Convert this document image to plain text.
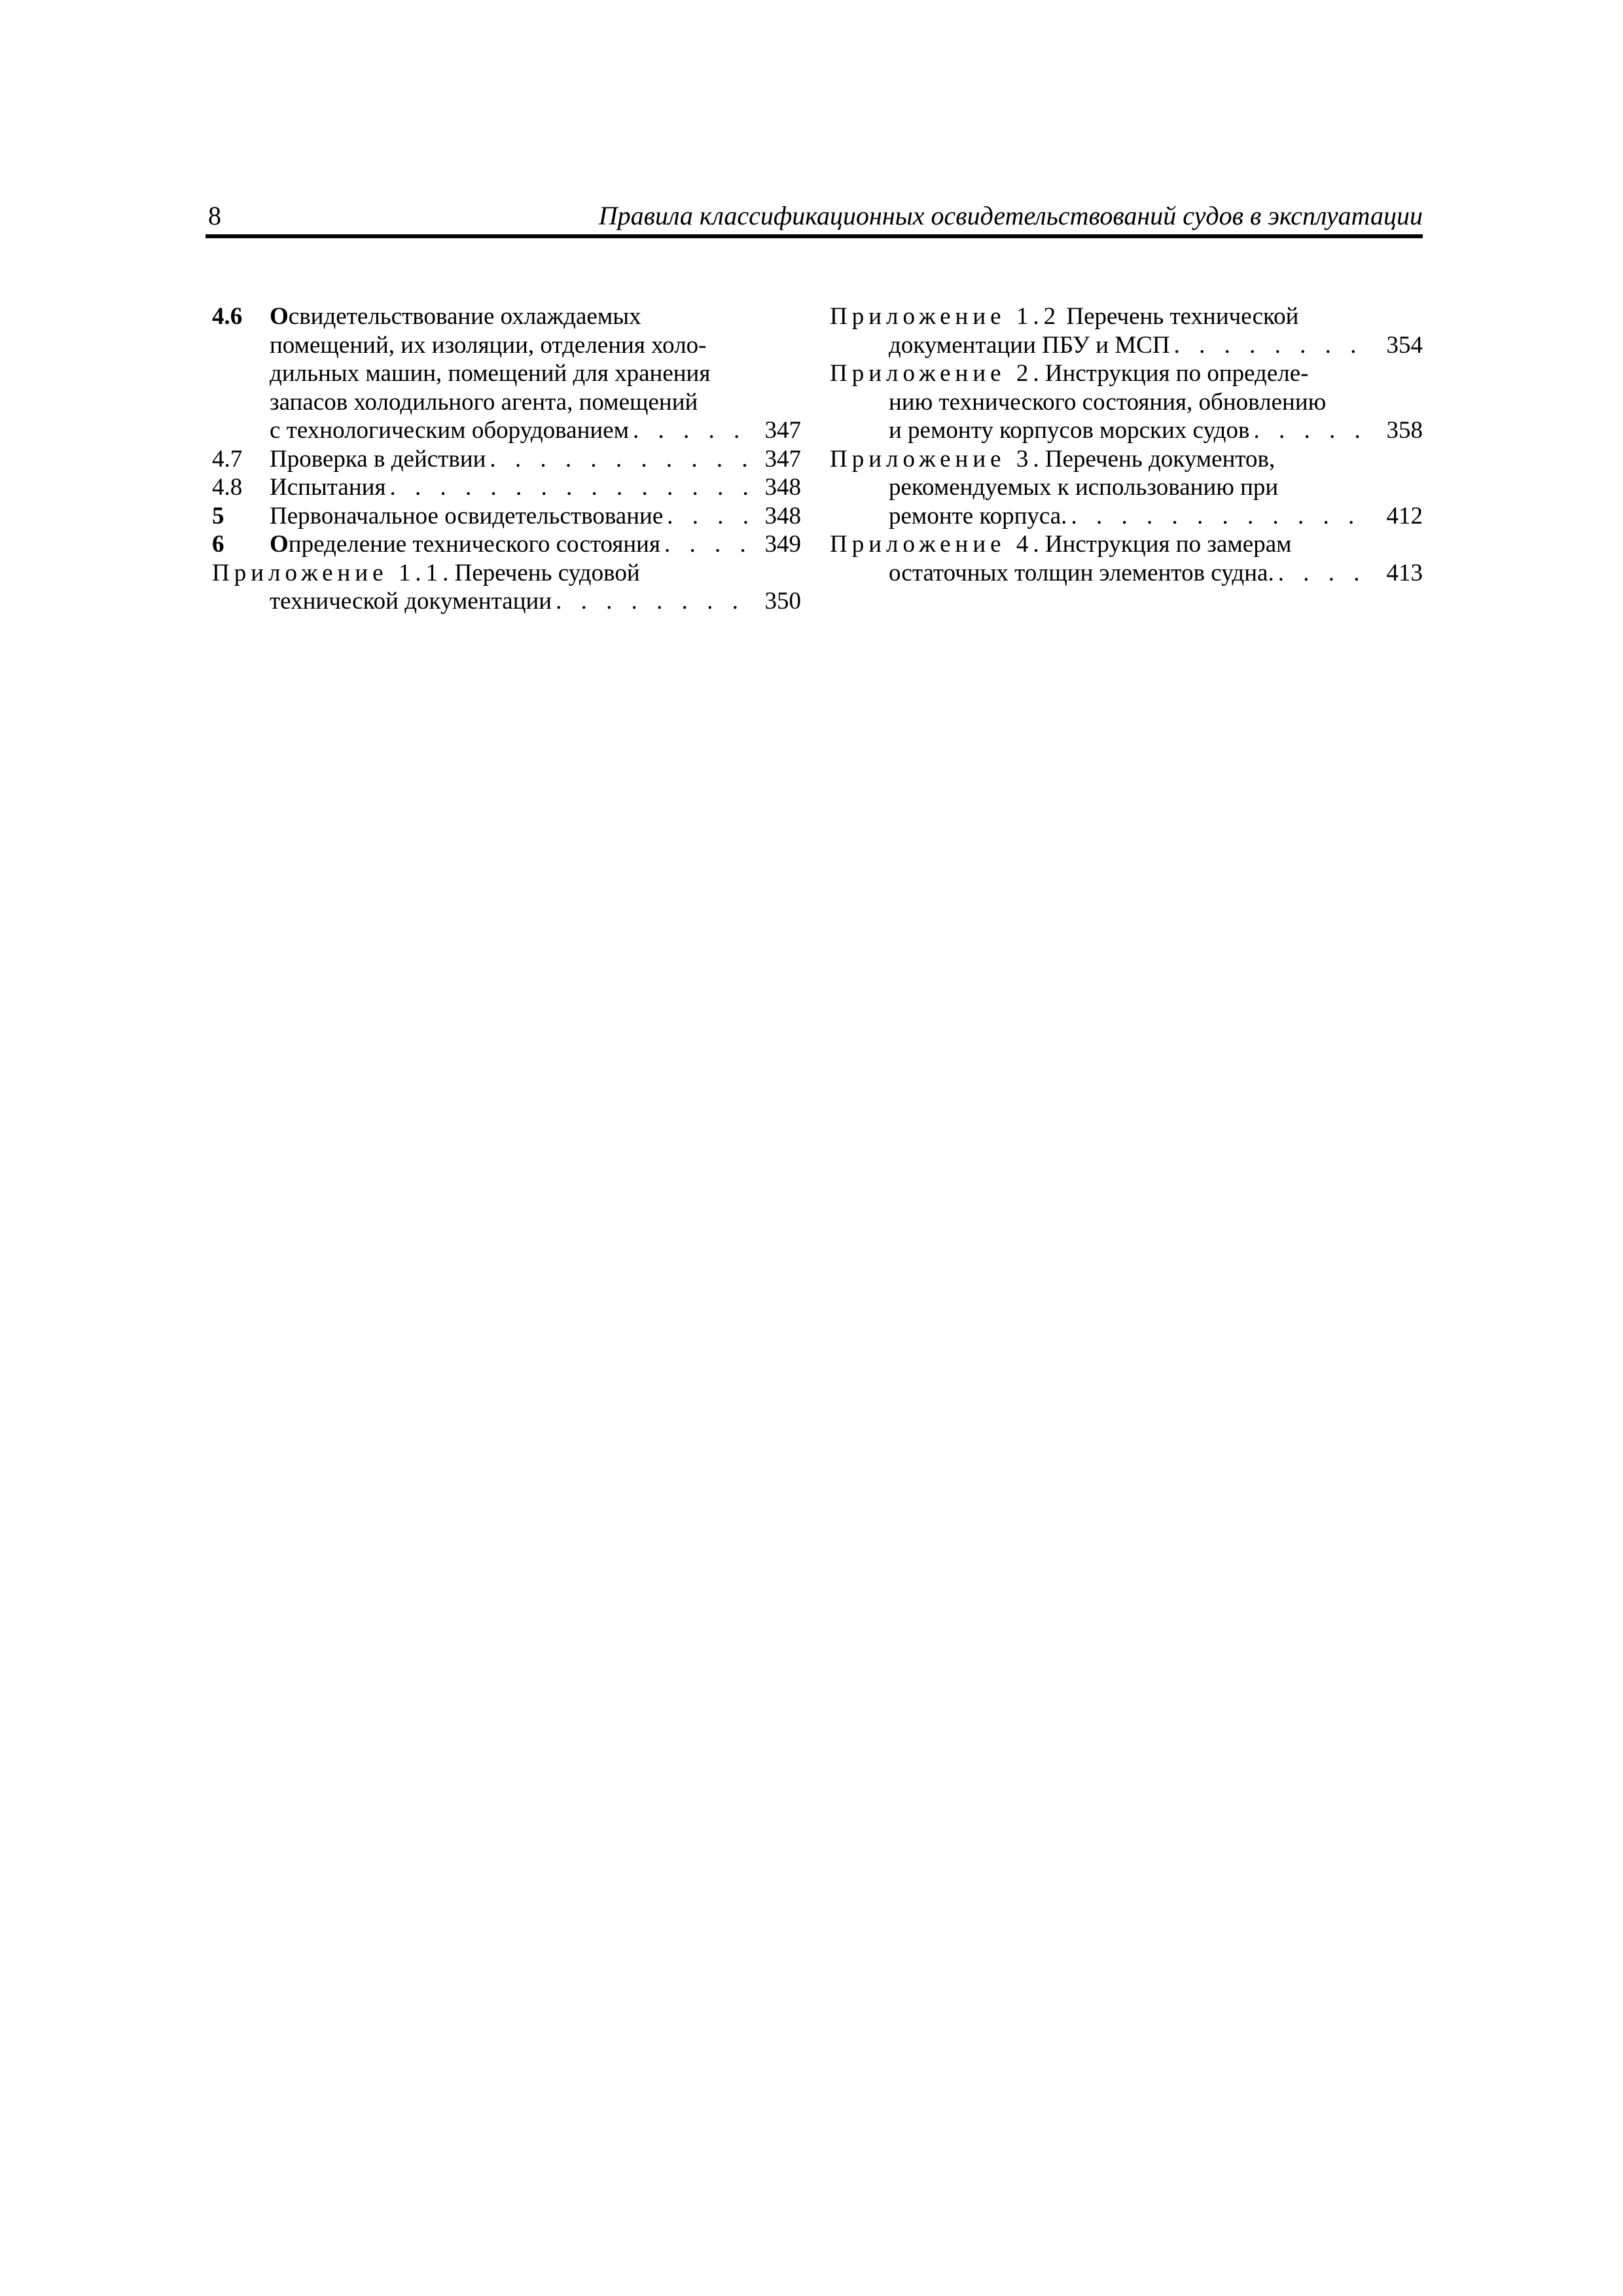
8	Правила классификационных освидетельствований судов в эксплуатации
4.6	Освидетельствование охлаждаемых
помещений, их изоляции, отделения холо-
дильных машин, помещений для хранения
запасов холодильного агента, помещений
с технологическим оборудованием . . .	347
4.7	Проверка в действии . . .	347
4.8	Испытания . . .	348
5	Первоначальное освидетельствование . . .	348
6	Определение технического состояния . . .	349
Приложение 1.1. Перечень судовой
технической документации . . .	350
Приложение 1.2 Перечень технической
документации ПБУ и МСП . . .	354
Приложение 2. Инструкция по определе-
нию технического состояния, обновлению
и ремонту корпусов морских судов . . .	358
Приложение 3. Перечень документов,
рекомендуемых к использованию при
ремонте корпуса. . . .	412
Приложение 4. Инструкция по замерам
остаточных толщин элементов судна. . . .	413
